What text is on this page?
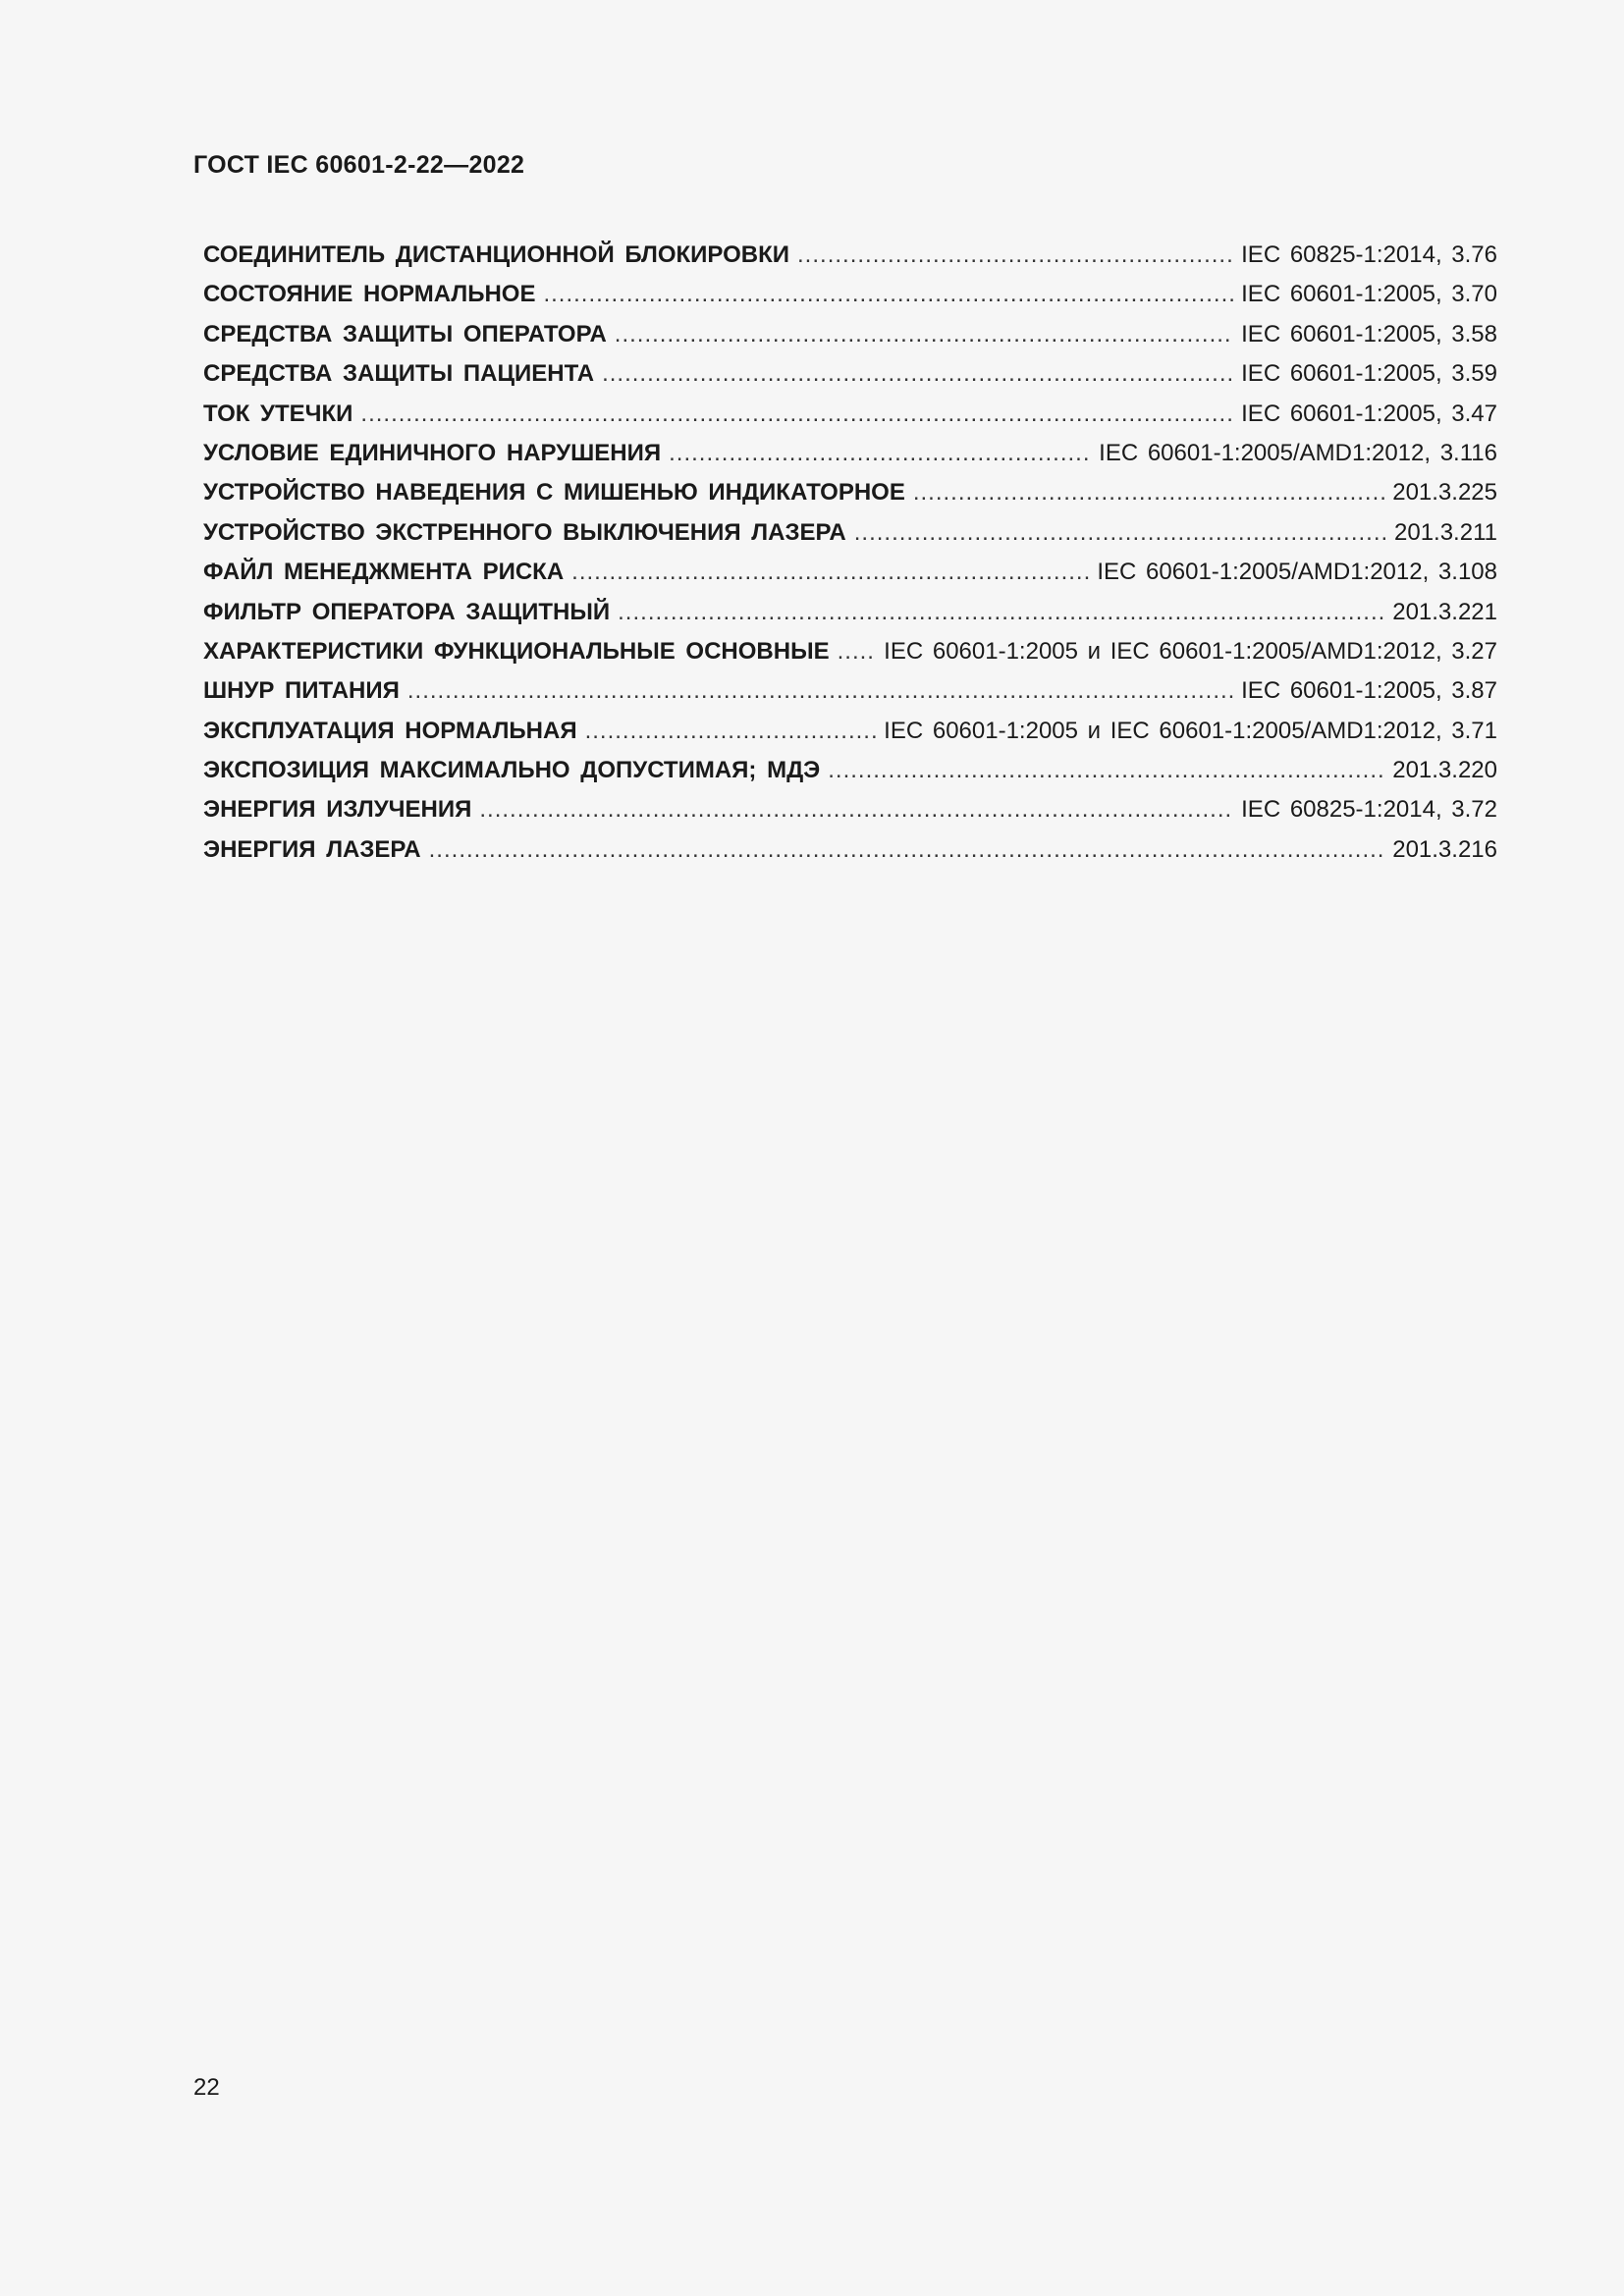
ГОСТ IEC 60601-2-22—2022
СОЕДИНИТЕЛЬ ДИСТАНЦИОННОЙ БЛОКИРОВКИ .....	IEC 60825-1:2014, 3.76
СОСТОЯНИЕ НОРМАЛЬНОЕ .....	IEC 60601-1:2005, 3.70
СРЕДСТВА ЗАЩИТЫ ОПЕРАТОРА .....	IEC 60601-1:2005, 3.58
СРЕДСТВА ЗАЩИТЫ ПАЦИЕНТА .....	IEC 60601-1:2005, 3.59
ТОК УТЕЧКИ .....	IEC 60601-1:2005, 3.47
УСЛОВИЕ ЕДИНИЧНОГО НАРУШЕНИЯ .....	IEC 60601-1:2005/AMD1:2012, 3.116
УСТРОЙСТВО НАВЕДЕНИЯ С МИШЕНЬЮ ИНДИКАТОРНОЕ .....	201.3.225
УСТРОЙСТВО ЭКСТРЕННОГО ВЫКЛЮЧЕНИЯ ЛАЗЕРА .....	201.3.211
ФАЙЛ МЕНЕДЖМЕНТА РИСКА .....	IEC 60601-1:2005/AMD1:2012, 3.108
ФИЛЬТР ОПЕРАТОРА ЗАЩИТНЫЙ .....	201.3.221
ХАРАКТЕРИСТИКИ ФУНКЦИОНАЛЬНЫЕ ОСНОВНЫЕ ..... IEC 60601-1:2005 и IEC 60601-1:2005/AMD1:2012, 3.27
ШНУР ПИТАНИЯ .....	IEC 60601-1:2005, 3.87
ЭКСПЛУАТАЦИЯ НОРМАЛЬНАЯ .....	IEC 60601-1:2005 и IEC 60601-1:2005/AMD1:2012, 3.71
ЭКСПОЗИЦИЯ МАКСИМАЛЬНО ДОПУСТИМАЯ; МДЭ .....	201.3.220
ЭНЕРГИЯ ИЗЛУЧЕНИЯ .....	IEC 60825-1:2014, 3.72
ЭНЕРГИЯ ЛАЗЕРА .....	201.3.216

22
